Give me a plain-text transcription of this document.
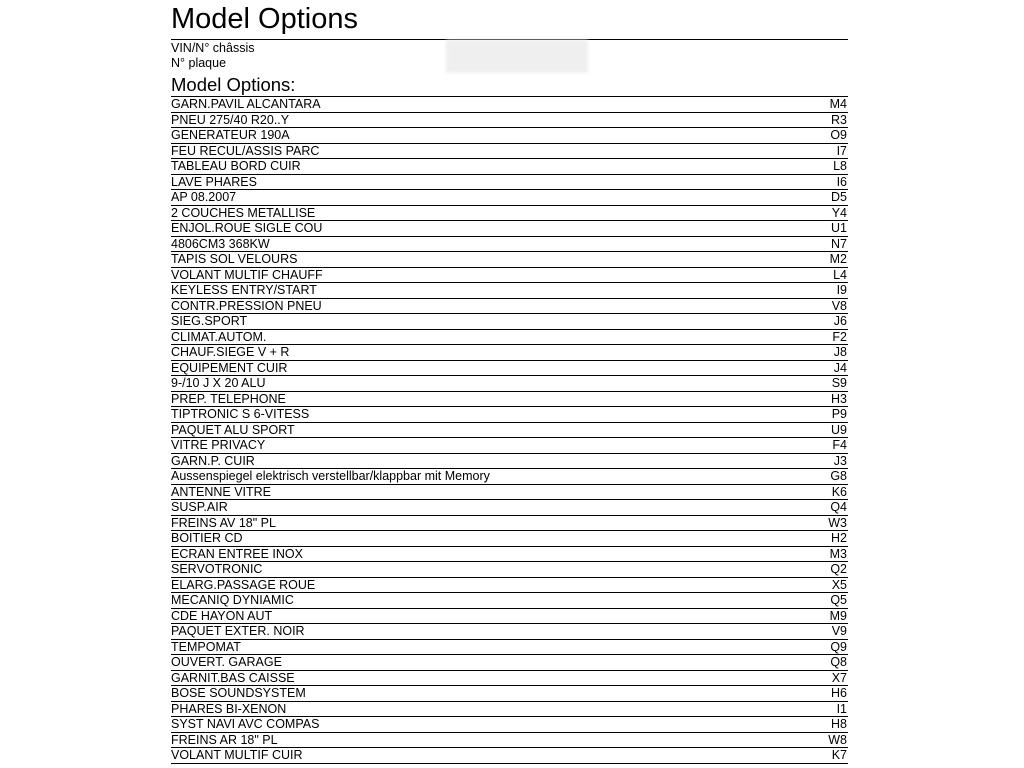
Model Options
VIN/N° châssis
N° plaque
Model Options:
GARN.PAVIL ALCANTARA	M4
PNEU 275/40 R20..Y	R3
GENERATEUR 190A	O9
FEU RECUL/ASSIS PARC	I7
TABLEAU BORD CUIR	L8
LAVE PHARES	I6
AP 08.2007	D5
2 COUCHES METALLISE	Y4
ENJOL.ROUE SIGLE COU	U1
4806CM3 368KW	N7
TAPIS SOL VELOURS	M2
VOLANT MULTIF CHAUFF	L4
KEYLESS ENTRY/START	I9
CONTR.PRESSION PNEU	V8
SIEG.SPORT	J6
CLIMAT.AUTOM.	F2
CHAUF.SIEGE V + R	J8
EQUIPEMENT CUIR	J4
9-/10 J X 20 ALU	S9
PREP. TELEPHONE	H3
TIPTRONIC S 6-VITESS	P9
PAQUET ALU SPORT	U9
VITRE PRIVACY	F4
GARN.P. CUIR	J3
Aussenspiegel elektrisch verstellbar/klappbar mit Memory	G8
ANTENNE VITRE	K6
SUSP.AIR	Q4
FREINS AV 18" PL	W3
BOITIER CD	H2
ECRAN ENTREE INOX	M3
SERVOTRONIC	Q2
ELARG.PASSAGE ROUE	X5
MECANIQ DYNIAMIC	Q5
CDE HAYON AUT	M9
PAQUET EXTER. NOIR	V9
TEMPOMAT	Q9
OUVERT. GARAGE	Q8
GARNIT.BAS CAISSE	X7
BOSE SOUNDSYSTEM	H6
PHARES BI-XENON	I1
SYST NAVI AVC COMPAS	H8
FREINS AR 18" PL	W8
VOLANT MULTIF CUIR	K7
